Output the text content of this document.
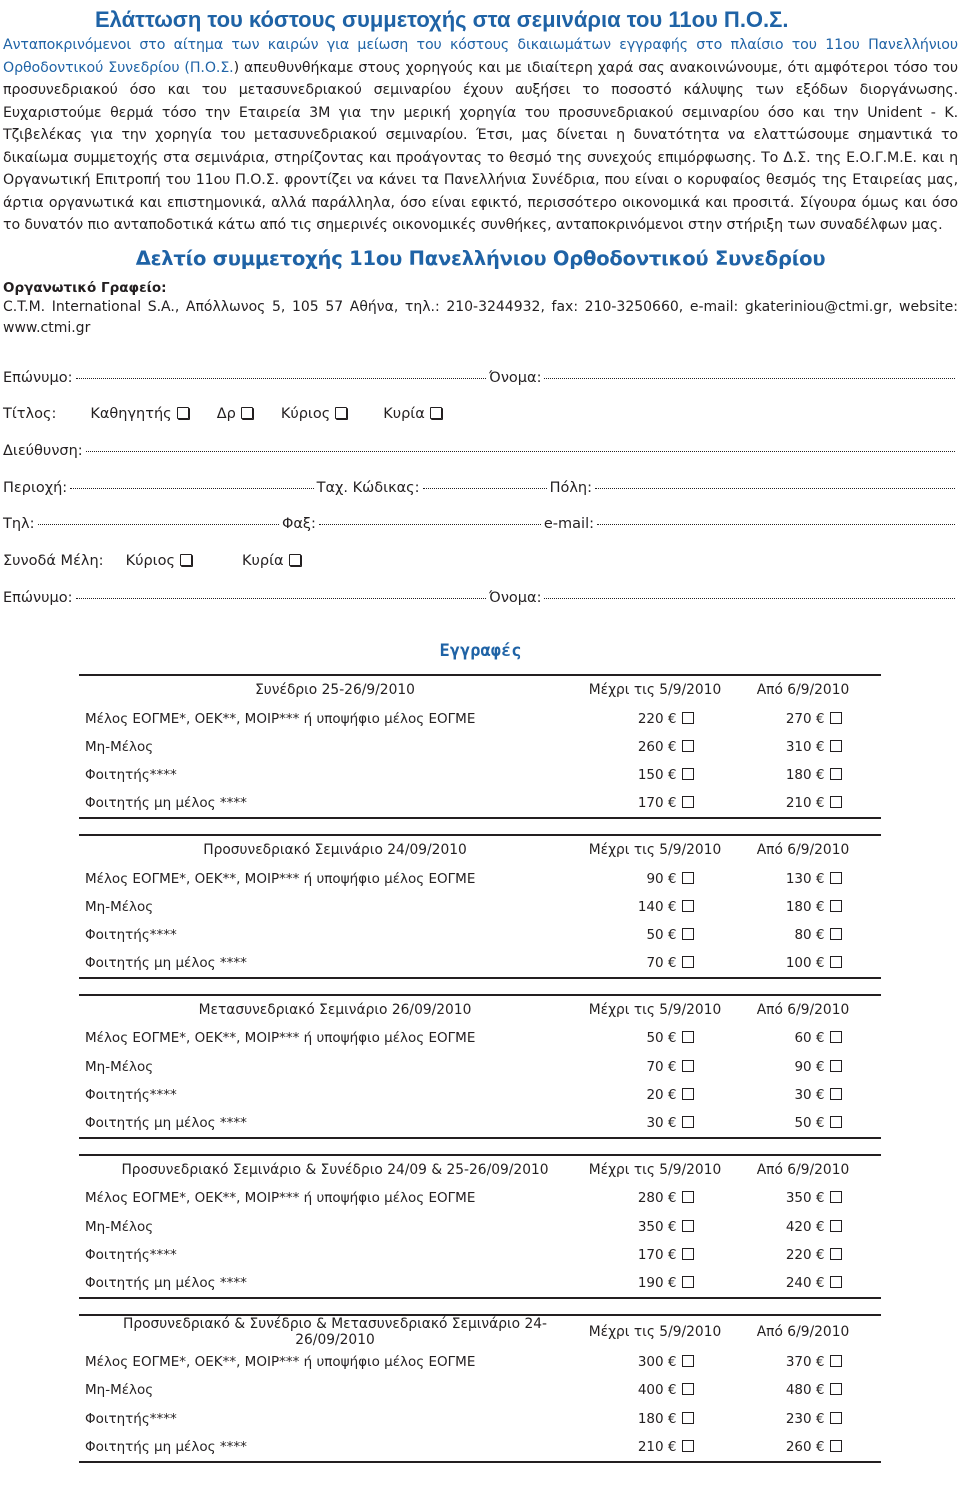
Ελάττωση του κόστους συμμετοχής στα σεμινάρια του 11ου Π.Ο.Σ.

Ανταποκρινόμενοι στο αίτημα των καιρών για μείωση του κόστους δικαιωμάτων εγγραφής στο πλαίσιο του 11ου Πανελλήνιου Ορθοδοντικού Συνεδρίου (Π.Ο.Σ.) απευθυνθήκαμε στους χορηγούς και με ιδιαίτερη χαρά σας ανακοινώνουμε, ότι αμφότεροι τόσο του προσυνεδριακού όσο και του μετασυνεδριακού σεμιναρίου έχουν αυξήσει το ποσοστό κάλυψης των εξόδων διοργάνωσης. Ευχαριστούμε θερμά τόσο την Εταιρεία 3Μ για την μερική χορηγία του προσυνεδριακού σεμιναρίου όσο και την Unident - Κ. Τζιβελέκας για την χορηγία του μετασυνεδριακού σεμιναρίου. Έτσι, μας δίνεται η δυνατότητα να ελαττώσουμε σημαντικά το δικαίωμα συμμετοχής στα σεμινάρια, στηρίζοντας και προάγοντας το θεσμό της συνεχούς επιμόρφωσης. Το Δ.Σ. της Ε.Ο.Γ.Μ.Ε. και η Οργανωτική Επιτροπή του 11ου Π.Ο.Σ. φροντίζει να κάνει τα Πανελλήνια Συνέδρια, που είναι ο κορυφαίος θεσμός της Εταιρείας μας, άρτια οργανωτικά και επιστημονικά, αλλά παράλληλα, όσο είναι εφικτό, περισσότερο οικονομικά και προσιτά. Σίγουρα όμως και όσο το δυνατόν πιο ανταποδοτικά κάτω από τις σημερινές οικονομικές συνθήκες, ανταποκρινόμενοι στην στήριξη των συναδέλφων μας.

Δελτίο συμμετοχής 11ου Πανελλήνιου Ορθοδοντικού Συνεδρίου
Οργανωτικό Γραφείο:

C.T.M. International S.A., Απόλλωνος 5, 105 57 Αθήνα, τηλ.: 210-3244932, fax: 210-3250660, e-mail: gkateriniou@ctmi.gr, website: www.ctmi.gr

Επώνυμο:	Όνομα:
Τίτλος: Καθηγητής	Δρ	Κύριος	Κυρία
Διεύθυνση:
Περιοχή:	Ταχ. Κώδικας:	Πόλη:
Τηλ:	Φαξ:	e-mail:
Συνοδά Μέλη: Κύριος	Κυρία
Επώνυμο:	Όνομα:
Εγγραφές
Συνέδριο 25-26/9/2010	Μέχρι τις 5/9/2010	Από 6/9/2010
Μέλος ΕΟΓΜΕ*, ΟΕΚ**, ΜΟΙΡ*** ή υποψήφιο μέλος ΕΟΓΜΕ	220 €	270 €
Μη-Μέλος	260 €	310 €
Φοιτητής****	150 €	180 €
Φοιτητής μη μέλος ****	170 €	210 €
Προσυνεδριακό Σεμινάριο 24/09/2010	Μέχρι τις 5/9/2010	Από 6/9/2010
Μέλος ΕΟΓΜΕ*, ΟΕΚ**, ΜΟΙΡ*** ή υποψήφιο μέλος ΕΟΓΜΕ	90 €	130 €
Μη-Μέλος	140 €	180 €
Φοιτητής****	50 €	80 €
Φοιτητής μη μέλος ****	70 €	100 €
Μετασυνεδριακό Σεμινάριο 26/09/2010	Μέχρι τις 5/9/2010	Από 6/9/2010
Μέλος ΕΟΓΜΕ*, ΟΕΚ**, ΜΟΙΡ*** ή υποψήφιο μέλος ΕΟΓΜΕ	50 €	60 €
Μη-Μέλος	70 €	90 €
Φοιτητής****	20 €	30 €
Φοιτητής μη μέλος ****	30 €	50 €
Προσυνεδριακό Σεμινάριο & Συνέδριο 24/09 & 25-26/09/2010	Μέχρι τις 5/9/2010	Από 6/9/2010
Μέλος ΕΟΓΜΕ*, ΟΕΚ**, ΜΟΙΡ*** ή υποψήφιο μέλος ΕΟΓΜΕ	280 €	350 €
Μη-Μέλος	350 €	420 €
Φοιτητής****	170 €	220 €
Φοιτητής μη μέλος ****	190 €	240 €
Προσυνεδριακό & Συνέδριο & Μετασυνεδριακό Σεμινάριο 24-26/09/2010	Μέχρι τις 5/9/2010	Από 6/9/2010
Μέλος ΕΟΓΜΕ*, ΟΕΚ**, ΜΟΙΡ*** ή υποψήφιο μέλος ΕΟΓΜΕ	300 €	370 €
Μη-Μέλος	400 €	480 €
Φοιτητής****	180 €	230 €
Φοιτητής μη μέλος ****	210 €	260 €
